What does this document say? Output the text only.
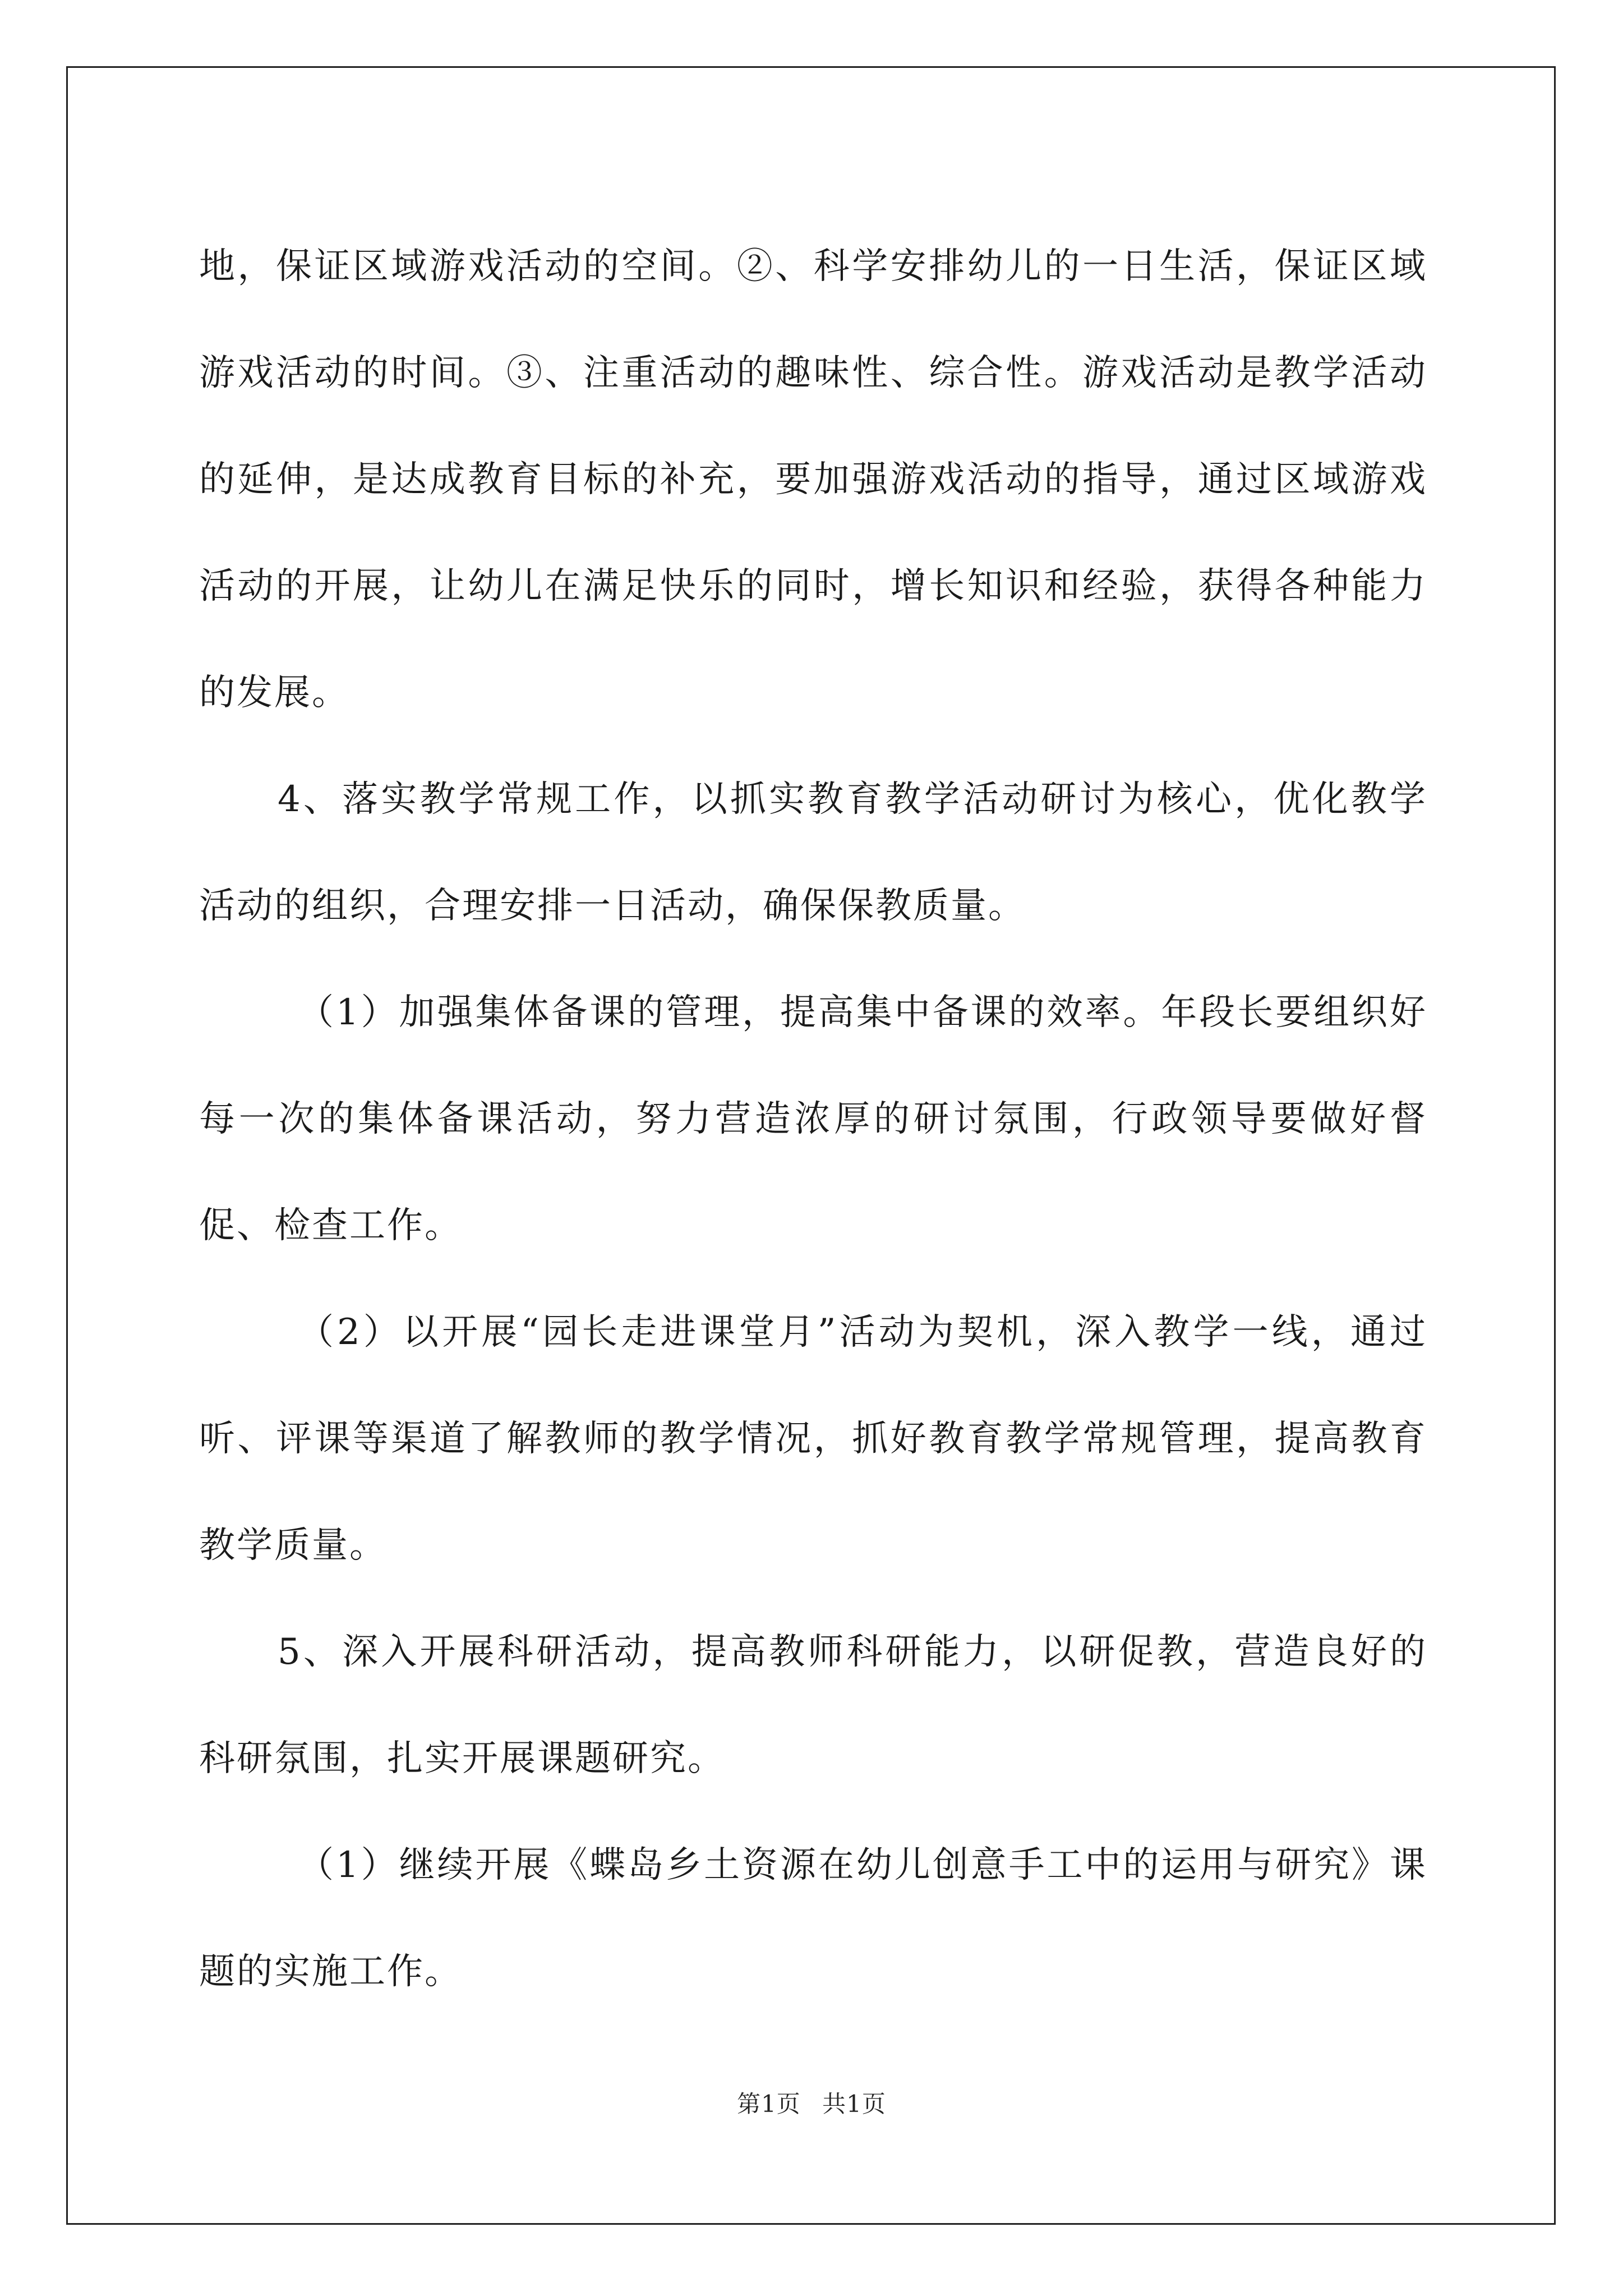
地，保证区域游戏活动的空间。②、科学安排幼儿的一日生活，保证区域游戏活动的时间。③、注重活动的趣味性、综合性。游戏活动是教学活动的延伸，是达成教育目标的补充，要加强游戏活动的指导，通过区域游戏活动的开展，让幼儿在满足快乐的同时，增长知识和经验，获得各种能力的发展。

4、落实教学常规工作，以抓实教育教学活动研讨为核心，优化教学活动的组织，合理安排一日活动，确保保教质量。

（1）加强集体备课的管理，提高集中备课的效率。年段长要组织好每一次的集体备课活动，努力营造浓厚的研讨氛围，行政领导要做好督促、检查工作。

（2）以开展“园长走进课堂月”活动为契机，深入教学一线，通过听、评课等渠道了解教师的教学情况，抓好教育教学常规管理，提高教育教学质量。

5、深入开展科研活动，提高教师科研能力，以研促教，营造良好的科研氛围，扎实开展课题研究。

（1）继续开展《蝶岛乡土资源在幼儿创意手工中的运用与研究》课题的实施工作。

第1页 共1页
